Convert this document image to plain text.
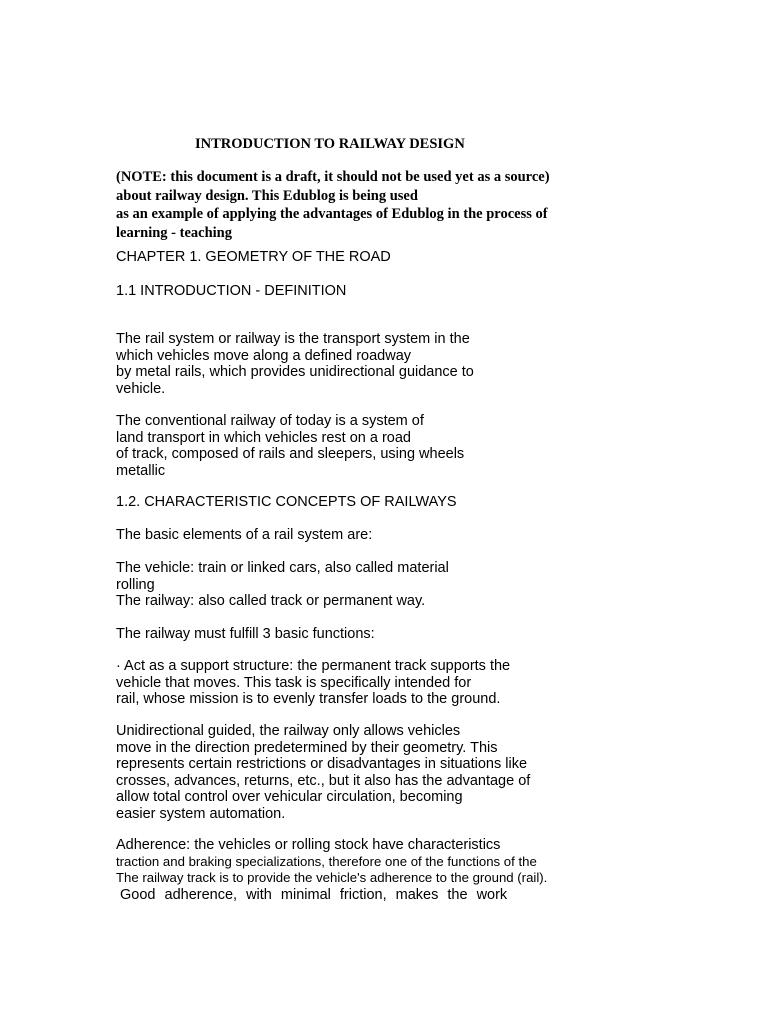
INTRODUCTION TO RAILWAY DESIGN
(NOTE: this document is a draft, it should not be used yet as a source)
about railway design. This Edublog is being used
as an example of applying the advantages of Edublog in the process of
learning - teaching
CHAPTER 1. GEOMETRY OF THE ROAD
1.1 INTRODUCTION - DEFINITION
The rail system or railway is the transport system in the
which vehicles move along a defined roadway
by metal rails, which provides unidirectional guidance to
vehicle.
The conventional railway of today is a system of
land transport in which vehicles rest on a road
of track, composed of rails and sleepers, using wheels
metallic
1.2. CHARACTERISTIC CONCEPTS OF RAILWAYS
The basic elements of a rail system are:
The vehicle: train or linked cars, also called material
rolling
The railway: also called track or permanent way.
The railway must fulfill 3 basic functions:
· Act as a support structure: the permanent track supports the
vehicle that moves. This task is specifically intended for
rail, whose mission is to evenly transfer loads to the ground.
Unidirectional guided, the railway only allows vehicles
move in the direction predetermined by their geometry. This
represents certain restrictions or disadvantages in situations like
crosses, advances, returns, etc., but it also has the advantage of
allow total control over vehicular circulation, becoming
easier system automation.
Adherence: the vehicles or rolling stock have characteristics
traction and braking specializations, therefore one of the functions of the
The railway track is to provide the vehicle's adherence to the ground (rail).
Good adherence, with minimal friction, makes the work
